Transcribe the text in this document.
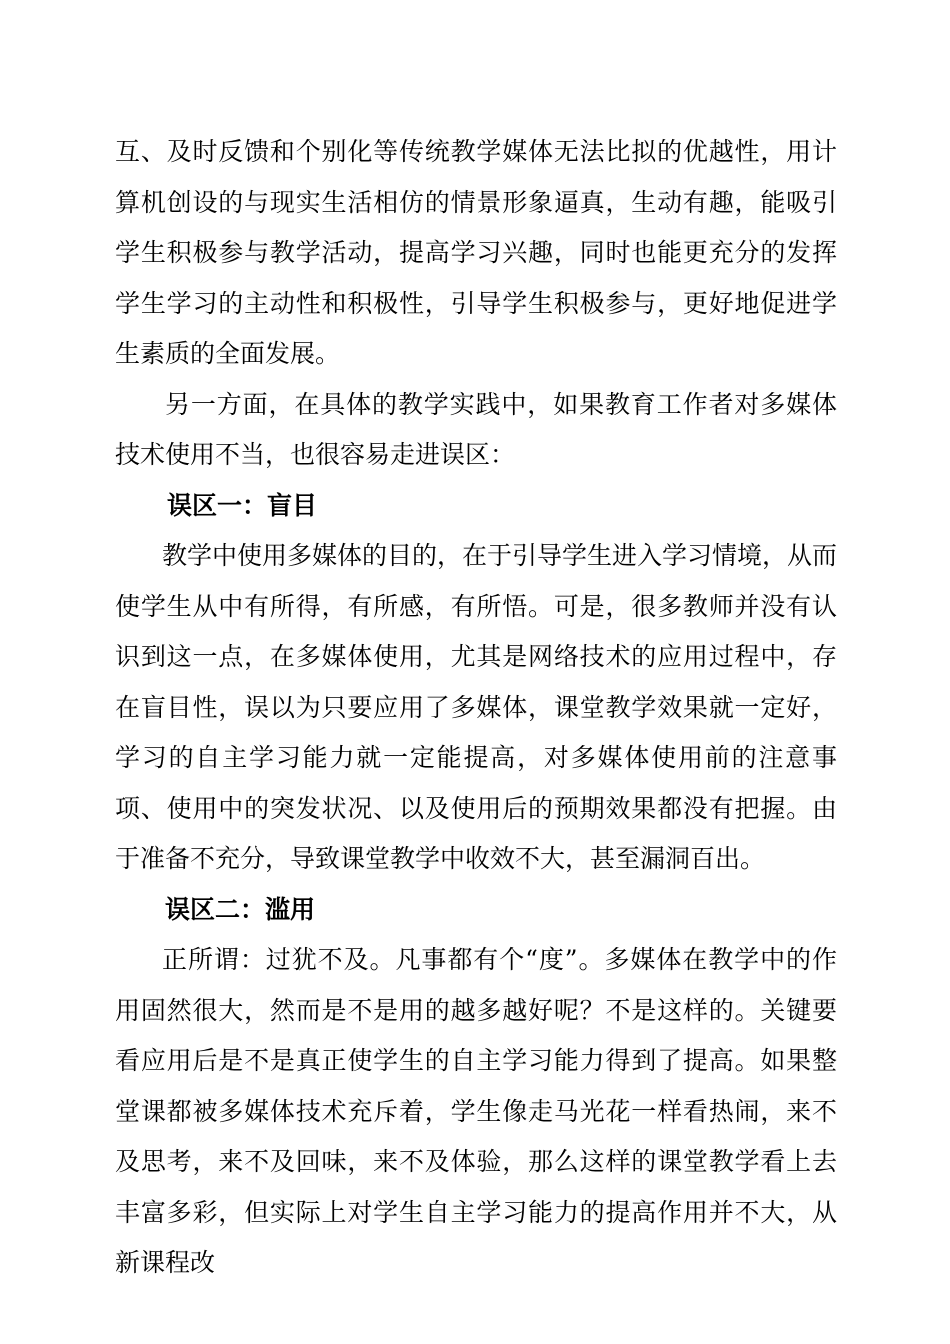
互、及时反馈和个别化等传统教学媒体无法比拟的优越性，用计算机创设的与现实生活相仿的情景形象逼真，生动有趣，能吸引学生积极参与教学活动，提高学习兴趣，同时也能更充分的发挥学生学习的主动性和积极性，引导学生积极参与，更好地促进学生素质的全面发展。

另一方面，在具体的教学实践中，如果教育工作者对多媒体技术使用不当，也很容易走进误区：

误区一：盲目

教学中使用多媒体的目的，在于引导学生进入学习情境，从而使学生从中有所得，有所感，有所悟。可是，很多教师并没有认识到这一点，在多媒体使用，尤其是网络技术的应用过程中，存在盲目性，误以为只要应用了多媒体，课堂教学效果就一定好，学习的自主学习能力就一定能提高，对多媒体使用前的注意事项、使用中的突发状况、以及使用后的预期效果都没有把握。由于准备不充分，导致课堂教学中收效不大，甚至漏洞百出。

误区二：滥用

正所谓：过犹不及。凡事都有个“度”。多媒体在教学中的作用固然很大，然而是不是用的越多越好呢？不是这样的。关键要看应用后是不是真正使学生的自主学习能力得到了提高。如果整堂课都被多媒体技术充斥着，学生像走马光花一样看热闹，来不及思考，来不及回味，来不及体验，那么这样的课堂教学看上去丰富多彩，但实际上对学生自主学习能力的提高作用并不大，从新课程改
